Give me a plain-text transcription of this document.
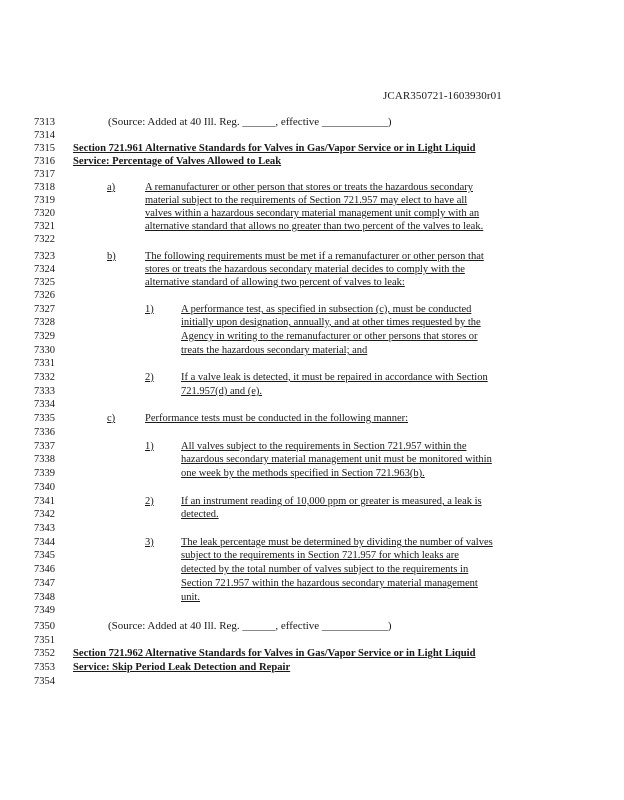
JCAR350721-1603930r01
7313
7314
7315
7316
7317
7318
7319
7320
7321
7322
7323
7324
7325
7326
7327
7328
7329
7330
7331
7332
7333
7334
7335
7336
7337
7338
7339
7340
7341
7342
7343
7344
7345
7346
7347
7348
7349
7350
7351
7352
7353
7354
(Source: Added at 40 Ill. Reg. ______, effective ____________)
Section 721.961 Alternative Standards for Valves in Gas/Vapor Service or in Light Liquid
Service: Percentage of Valves Allowed to Leak
a)	A remanufacturer or other person that stores or treats the hazardous secondary
material subject to the requirements of Section 721.957 may elect to have all
valves within a hazardous secondary material management unit comply with an
alternative standard that allows no greater than two percent of the valves to leak.
b)	The following requirements must be met if a remanufacturer or other person that
stores or treats the hazardous secondary material decides to comply with the
alternative standard of allowing two percent of valves to leak:
1)	A performance test, as specified in subsection (c), must be conducted
initially upon designation, annually, and at other times requested by the
Agency in writing to the remanufacturer or other persons that stores or
treats the hazardous secondary material; and
2)	If a valve leak is detected, it must be repaired in accordance with Section
721.957(d) and (e).
c)	Performance tests must be conducted in the following manner:
1)	All valves subject to the requirements in Section 721.957 within the
hazardous secondary material management unit must be monitored within
one week by the methods specified in Section 721.963(b).
2)	If an instrument reading of 10,000 ppm or greater is measured, a leak is
detected.
3)	The leak percentage must be determined by dividing the number of valves
subject to the requirements in Section 721.957 for which leaks are
detected by the total number of valves subject to the requirements in
Section 721.957 within the hazardous secondary material management
unit.
(Source: Added at 40 Ill. Reg. ______, effective ____________)
Section 721.962 Alternative Standards for Valves in Gas/Vapor Service or in Light Liquid
Service: Skip Period Leak Detection and Repair
